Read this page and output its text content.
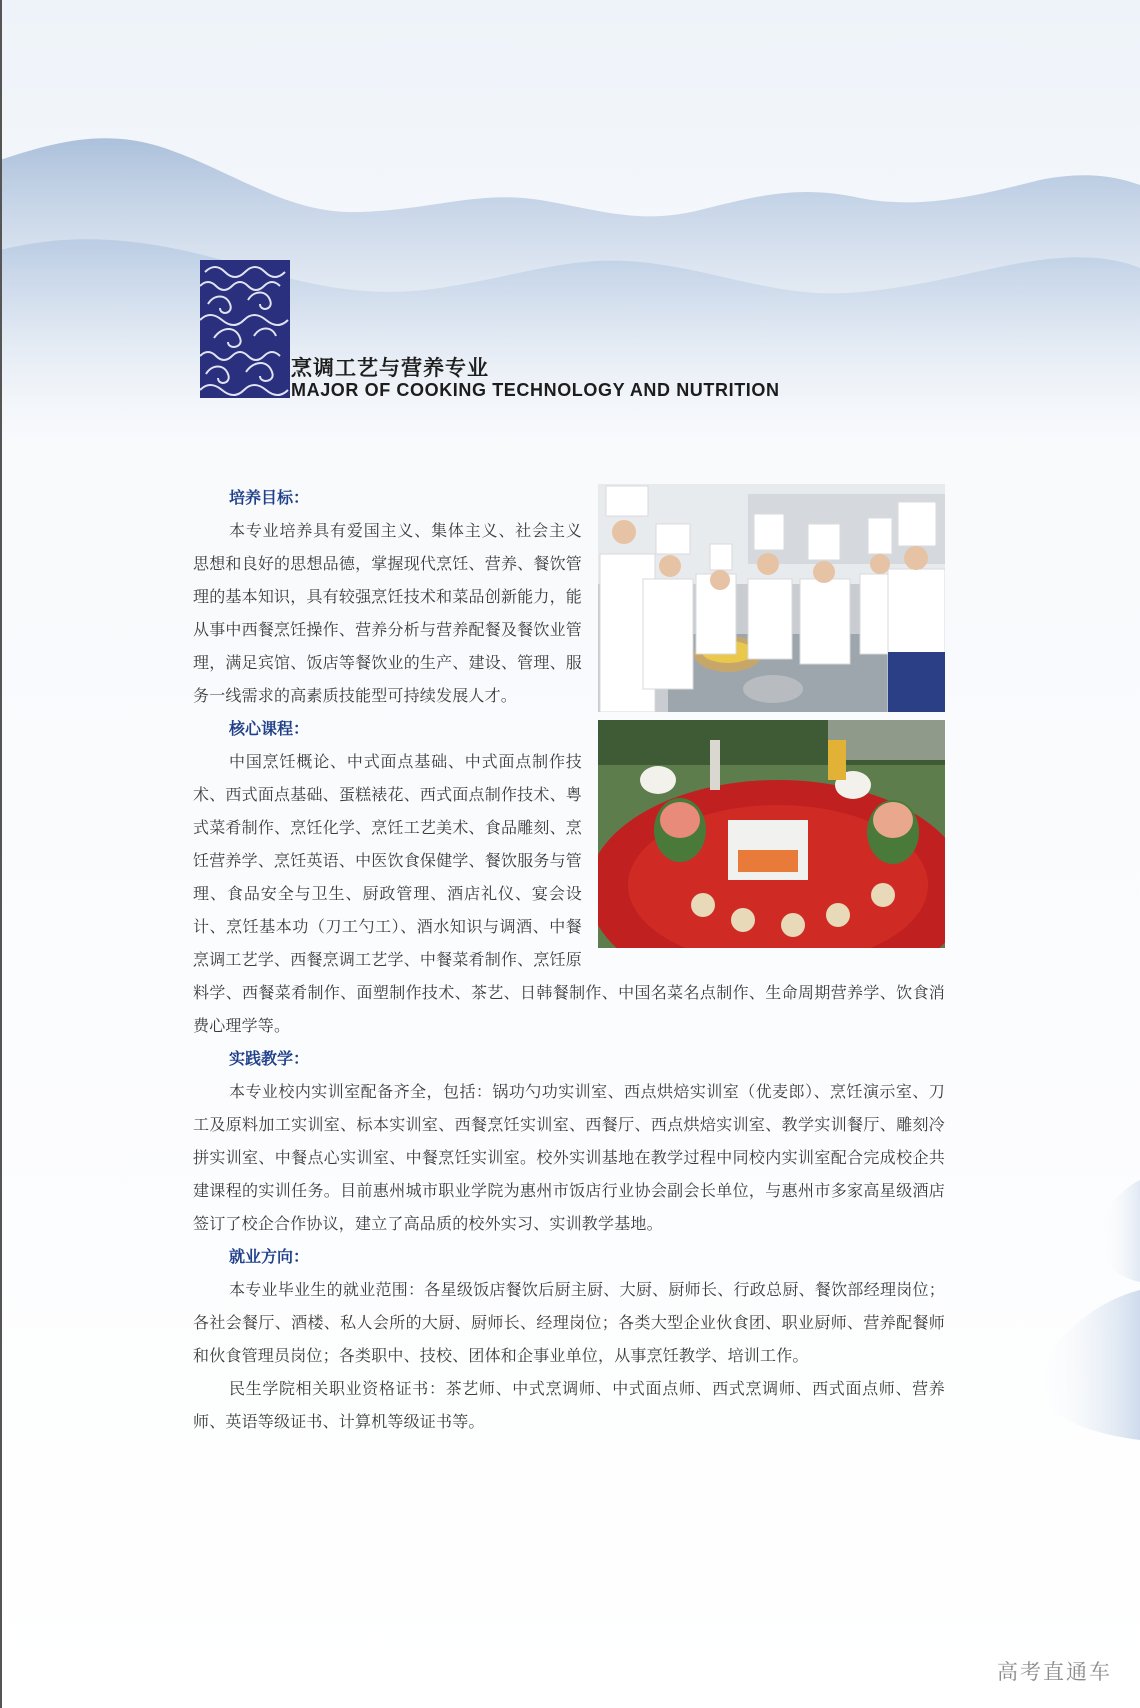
烹调工艺与营养专业
MAJOR OF COOKING TECHNOLOGY AND NUTRITION
培养目标：

本专业培养具有爱国主义、集体主义、社会主义思想和良好的思想品德，掌握现代烹饪、营养、餐饮管理的基本知识，具有较强烹饪技术和菜品创新能力，能从事中西餐烹饪操作、营养分析与营养配餐及餐饮业管理，满足宾馆、饭店等餐饮业的生产、建设、管理、服务一线需求的高素质技能型可持续发展人才。

核心课程：

中国烹饪概论、中式面点基础、中式面点制作技术、西式面点基础、蛋糕裱花、西式面点制作技术、粤式菜肴制作、烹饪化学、烹饪工艺美术、食品雕刻、烹饪营养学、烹饪英语、中医饮食保健学、餐饮服务与管理、食品安全与卫生、厨政管理、酒店礼仪、宴会设计、烹饪基本功（刀工勺工）、酒水知识与调酒、中餐烹调工艺学、西餐烹调工艺学、中餐菜肴制作、烹饪原料学、西餐菜肴制作、面塑制作技术、茶艺、日韩餐制作、中国名菜名点制作、生命周期营养学、饮食消费心理学等。

实践教学：

本专业校内实训室配备齐全，包括：锅功勺功实训室、西点烘焙实训室（优麦郎）、烹饪演示室、刀工及原料加工实训室、标本实训室、西餐烹饪实训室、西餐厅、西点烘焙实训室、教学实训餐厅、雕刻冷拼实训室、中餐点心实训室、中餐烹饪实训室。校外实训基地在教学过程中同校内实训室配合完成校企共建课程的实训任务。目前惠州城市职业学院为惠州市饭店行业协会副会长单位，与惠州市多家高星级酒店签订了校企合作协议，建立了高品质的校外实习、实训教学基地。

就业方向：

本专业毕业生的就业范围：各星级饭店餐饮后厨主厨、大厨、厨师长、行政总厨、餐饮部经理岗位；各社会餐厅、酒楼、私人会所的大厨、厨师长、经理岗位；各类大型企业伙食团、职业厨师、营养配餐师和伙食管理员岗位；各类职中、技校、团体和企事业单位，从事烹饪教学、培训工作。

民生学院相关职业资格证书：茶艺师、中式烹调师、中式面点师、西式烹调师、西式面点师、营养师、英语等级证书、计算机等级证书等。

高考直通车
